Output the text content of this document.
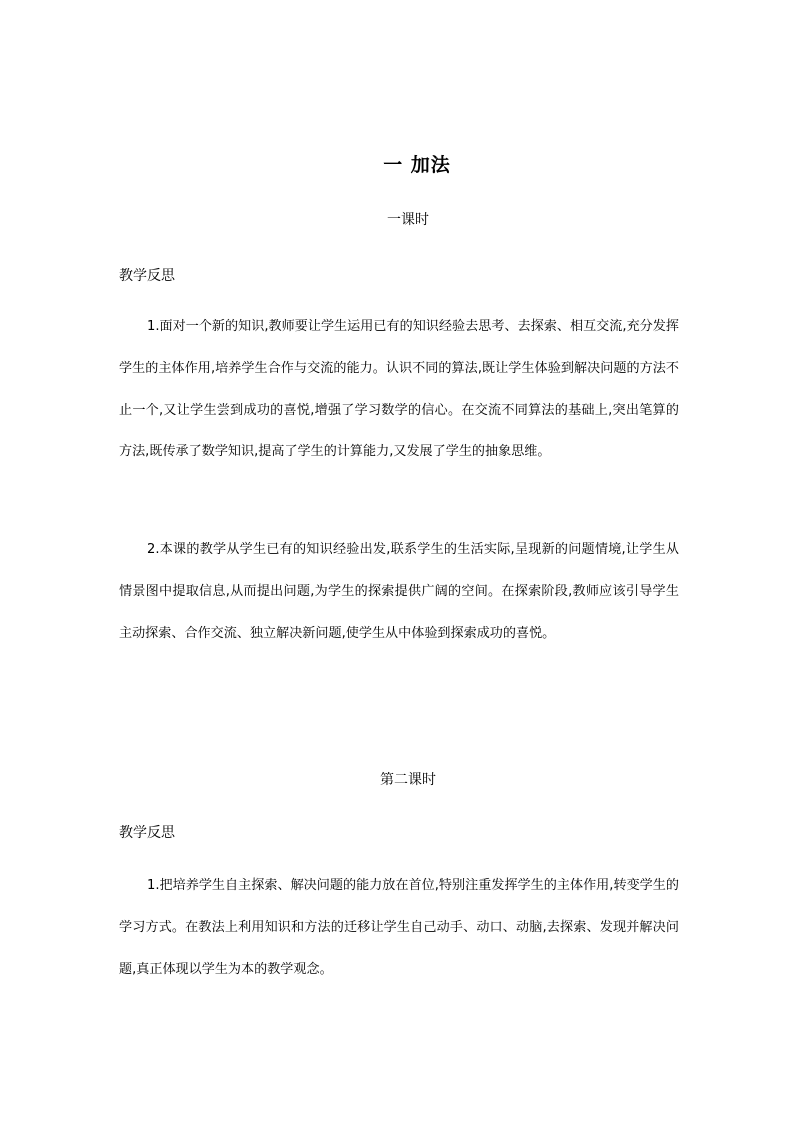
一 加法
一课时
教学反思

1.面对一个新的知识,教师要让学生运用已有的知识经验去思考、去探索、相互交流,充分发挥学生的主体作用,培养学生合作与交流的能力。认识不同的算法,既让学生体验到解决问题的方法不止一个,又让学生尝到成功的喜悦,增强了学习数学的信心。在交流不同算法的基础上,突出笔算的方法,既传承了数学知识,提高了学生的计算能力,又发展了学生的抽象思维。

2.本课的教学从学生已有的知识经验出发,联系学生的生活实际,呈现新的问题情境,让学生从情景图中提取信息,从而提出问题,为学生的探索提供广阔的空间。在探索阶段,教师应该引导学生主动探索、合作交流、独立解决新问题,使学生从中体验到探索成功的喜悦。

第二课时
教学反思

1.把培养学生自主探索、解决问题的能力放在首位,特别注重发挥学生的主体作用,转变学生的学习方式。在教法上利用知识和方法的迁移让学生自己动手、动口、动脑,去探索、发现并解决问题,真正体现以学生为本的教学观念。
